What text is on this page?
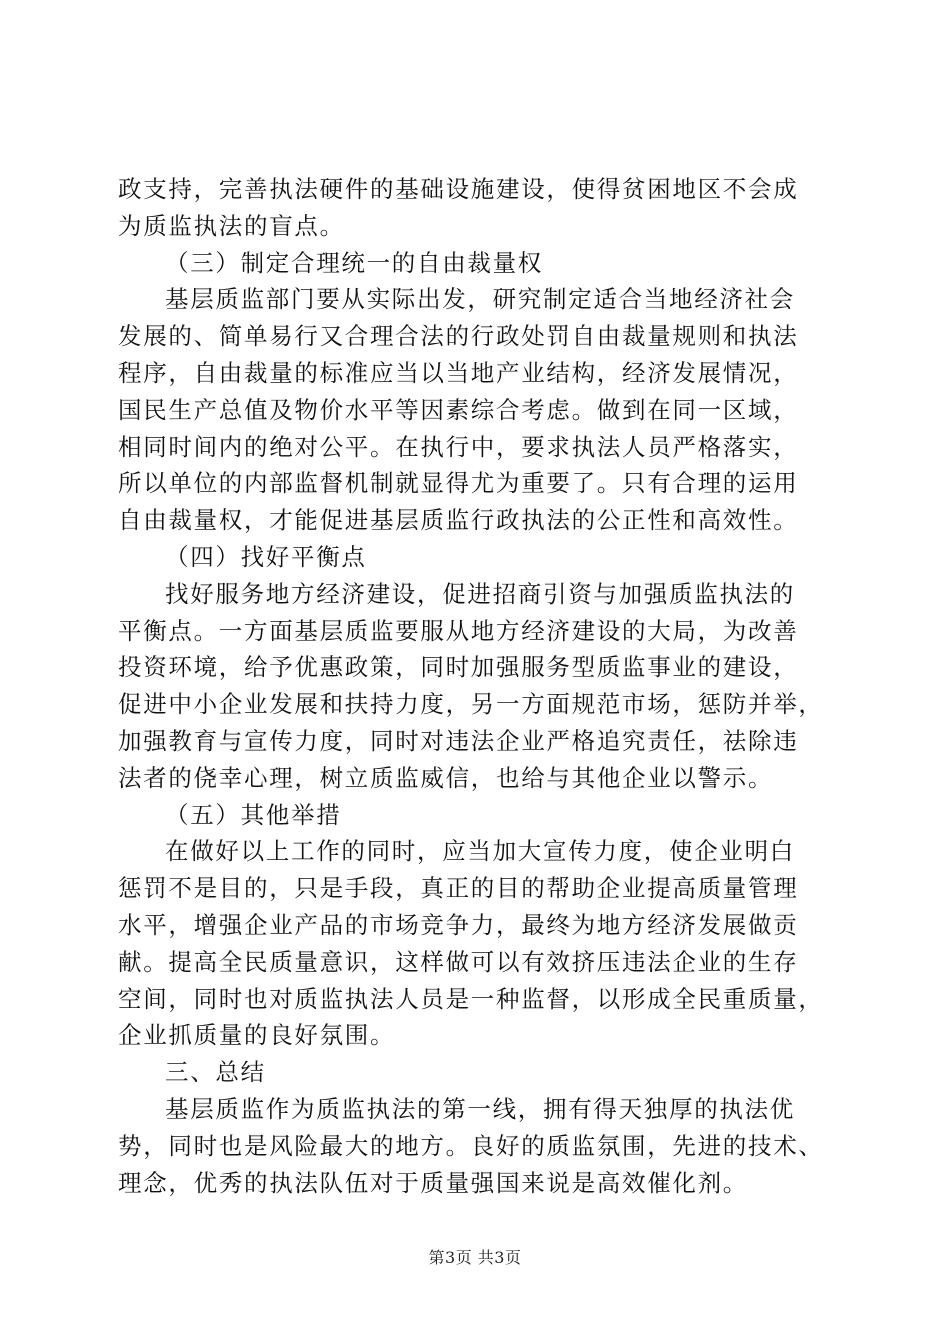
政支持，完善执法硬件的基础设施建设，使得贫困地区不会成
为质监执法的盲点。
（三）制定合理统一的自由裁量权
基层质监部门要从实际出发，研究制定适合当地经济社会
发展的、简单易行又合理合法的行政处罚自由裁量规则和执法
程序，自由裁量的标准应当以当地产业结构，经济发展情况，
国民生产总值及物价水平等因素综合考虑。做到在同一区域，
相同时间内的绝对公平。在执行中，要求执法人员严格落实，
所以单位的内部监督机制就显得尤为重要了。只有合理的运用
自由裁量权，才能促进基层质监行政执法的公正性和高效性。
（四）找好平衡点
找好服务地方经济建设，促进招商引资与加强质监执法的
平衡点。一方面基层质监要服从地方经济建设的大局，为改善
投资环境，给予优惠政策，同时加强服务型质监事业的建设，
促进中小企业发展和扶持力度，另一方面规范市场，惩防并举，
加强教育与宣传力度，同时对违法企业严格追究责任，祛除违
法者的侥幸心理，树立质监威信，也给与其他企业以警示。
（五）其他举措
在做好以上工作的同时，应当加大宣传力度，使企业明白
惩罚不是目的，只是手段，真正的目的帮助企业提高质量管理
水平，增强企业产品的市场竞争力，最终为地方经济发展做贡
献。提高全民质量意识，这样做可以有效挤压违法企业的生存
空间，同时也对质监执法人员是一种监督，以形成全民重质量，
企业抓质量的良好氛围。
三、总结
基层质监作为质监执法的第一线，拥有得天独厚的执法优
势，同时也是风险最大的地方。良好的质监氛围，先进的技术、
理念，优秀的执法队伍对于质量强国来说是高效催化剂。
第3页 共3页
